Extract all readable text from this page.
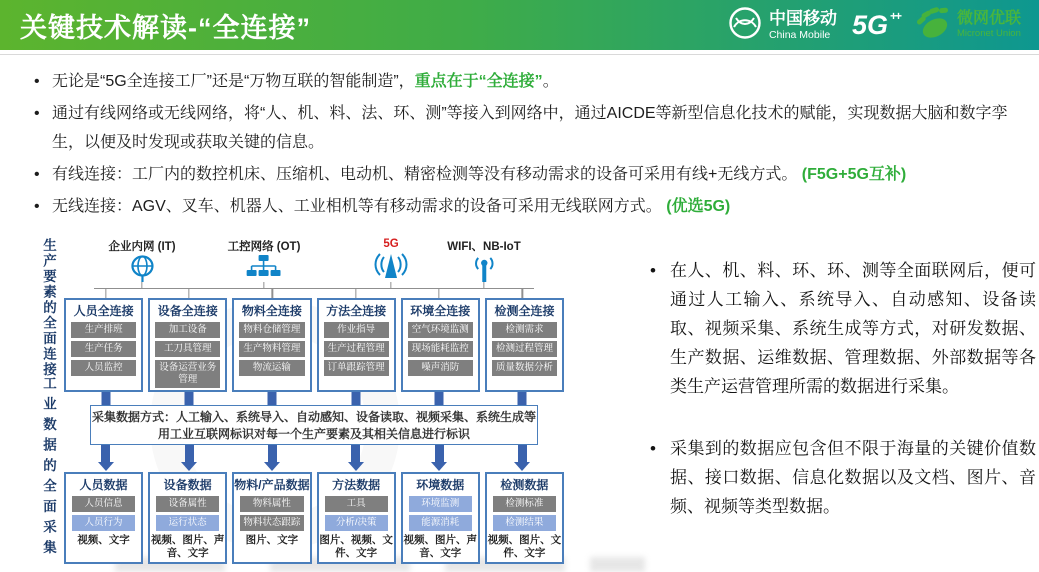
关键技术解读-“全连接”	中国移动
China Mobile 5G ++	微网优联
Micronet Union
• 无论是“5G全连接工厂”还是“万物互联的智能制造”，重点在于“全连接”。
• 通过有线网络或无线网络，将“人、机、料、法、环、测”等接入到网络中，通过AICDE等新型信息化技术的赋能，实现数据大脑和数字孪生，以便及时发现或获取关键的信息。
• 有线连接：工厂内的数控机床、压缩机、电动机、精密检测等没有移动需求的设备可采用有线+无线方式。 (F5G+5G互补)
• 无线连接：AGV、叉车、机器人、工业相机等有移动需求的设备可采用无线联网方式。 (优选5G)
生产要素的全面连接
工业数据的全面采集
企业内网 (IT)	工控网络 (OT)	5G	WIFI、NB-IoT
人员全连接
生产排班
生产任务
人员监控
设备全连接
加工设备
工刀具管理
设备运营业务管理
物料全连接
物料仓储管理
生产物料管理
物流运输
方法全连接
作业指导
生产过程管理
订单跟踪管理
环境全连接
空气环境监测
现场能耗监控
噪声消防
检测全连接
检测需求
检测过程管理
质量数据分析
采集数据方式：人工输入、系统导入、自动感知、设备读取、视频采集、系统生成等
用工业互联网标识对每一个生产要素及其相关信息进行标识
人员数据
人员信息
人员行为
视频、文字
设备数据
设备属性
运行状态
视频、图片、声音、文字
物料/产品数据
物料属性
物料状态跟踪
图片、文字
方法数据
工具
分析/决策
图片、视频、文件、文字
环境数据
环境监测
能源消耗
视频、图片、声音、文字
检测数据
检测标准
检测结果
视频、图片、文件、文字
• 在人、机、料、环、环、测等全面联网后，便可通过人工输入、系统导入、自动感知、设备读取、视频采集、系统生成等方式，对研发数据、生产数据、运维数据、管理数据、外部数据等各类生产运营管理所需的数据进行采集。
• 采集到的数据应包含但不限于海量的关键价值数据、接口数据、信息化数据以及文档、图片、音频、视频等类型数据。
